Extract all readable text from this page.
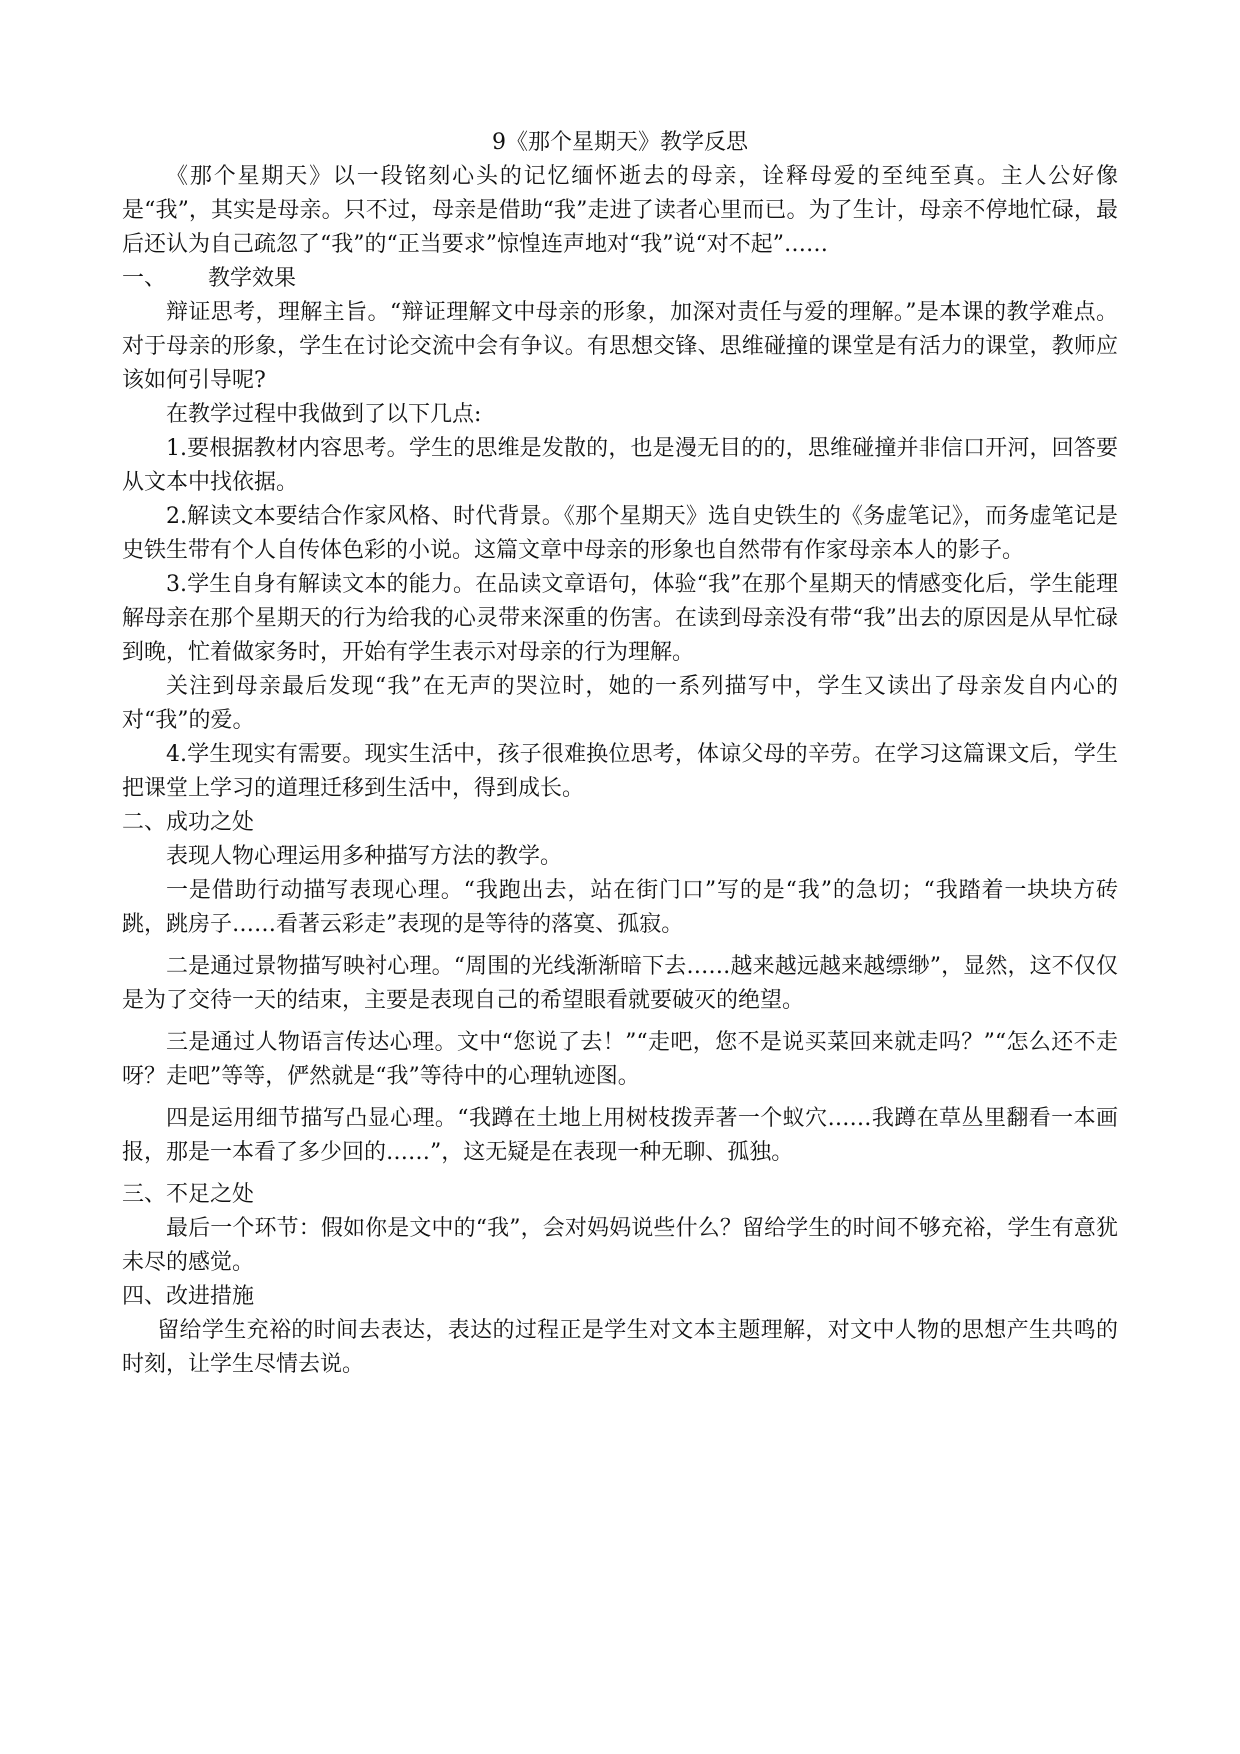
9《那个星期天》教学反思

《那个星期天》以一段铭刻心头的记忆缅怀逝去的母亲，诠释母爱的至纯至真。主人公好像是“我”，其实是母亲。只不过，母亲是借助“我”走进了读者心里而已。为了生计，母亲不停地忙碌，最后还认为自己疏忽了“我”的“正当要求”惊惶连声地对“我”说“对不起”……

一、      教学效果

辩证思考，理解主旨。“辩证理解文中母亲的形象，加深对责任与爱的理解。”是本课的教学难点。对于母亲的形象，学生在讨论交流中会有争议。有思想交锋、思维碰撞的课堂是有活力的课堂，教师应该如何引导呢?

在教学过程中我做到了以下几点:

1.要根据教材内容思考。学生的思维是发散的，也是漫无目的的，思维碰撞并非信口开河，回答要从文本中找依据。

2.解读文本要结合作家风格、时代背景。《那个星期天》选自史铁生的《务虚笔记》，而务虚笔记是史铁生带有个人自传体色彩的小说。这篇文章中母亲的形象也自然带有作家母亲本人的影子。

3.学生自身有解读文本的能力。在品读文章语句，体验“我”在那个星期天的情感变化后，学生能理解母亲在那个星期天的行为给我的心灵带来深重的伤害。在读到母亲没有带“我”出去的原因是从早忙碌到晚，忙着做家务时，开始有学生表示对母亲的行为理解。

关注到母亲最后发现“我”在无声的哭泣时，她的一系列描写中，学生又读出了母亲发自内心的对“我”的爱。

4.学生现实有需要。现实生活中，孩子很难换位思考，体谅父母的辛劳。在学习这篇课文后，学生把课堂上学习的道理迁移到生活中，得到成长。

二、成功之处

表现人物心理运用多种描写方法的教学。

一是借助行动描写表现心理。“我跑出去，站在街门口”写的是“我”的急切；“我踏着一块块方砖跳，跳房子……看著云彩走”表现的是等待的落寞、孤寂。

二是通过景物描写映衬心理。“周围的光线渐渐暗下去……越来越远越来越缥缈”，显然，这不仅仅是为了交待一天的结束，主要是表现自己的希望眼看就要破灭的绝望。

三是通过人物语言传达心理。文中“您说了去！”“走吧，您不是说买菜回来就走吗？”“怎么还不走呀？走吧”等等，俨然就是“我”等待中的心理轨迹图。

四是运用细节描写凸显心理。“我蹲在土地上用树枝拨弄著一个蚁穴……我蹲在草丛里翻看一本画报，那是一本看了多少回的……”，这无疑是在表现一种无聊、孤独。

三、不足之处

最后一个环节：假如你是文中的“我”，会对妈妈说些什么？留给学生的时间不够充裕，学生有意犹未尽的感觉。

四、改进措施

留给学生充裕的时间去表达，表达的过程正是学生对文本主题理解，对文中人物的思想产生共鸣的时刻，让学生尽情去说。
